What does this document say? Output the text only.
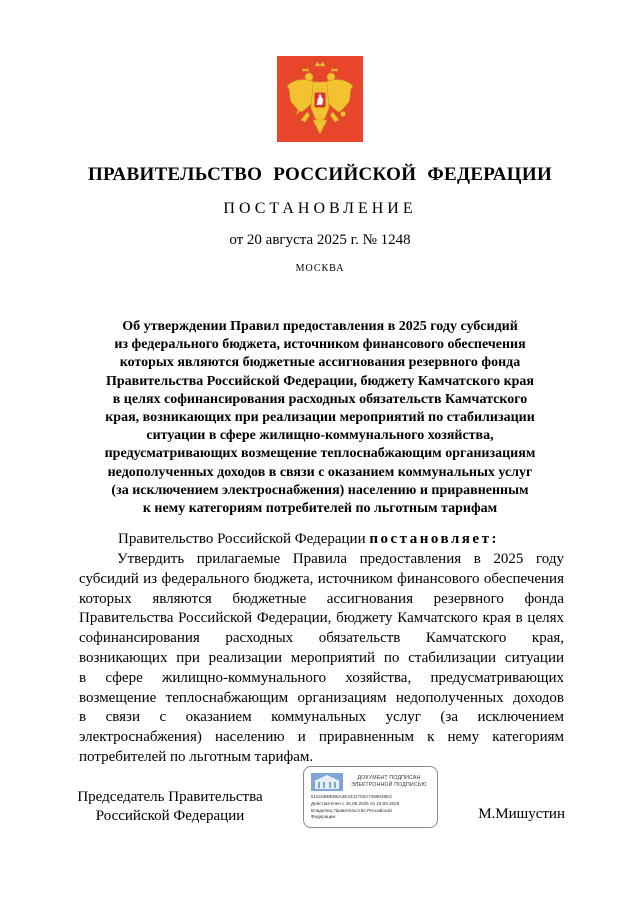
ПРАВИТЕЛЬСТВО РОССИЙСКОЙ ФЕДЕРАЦИИ
ПОСТАНОВЛЕНИЕ
от 20 августа 2025 г. № 1248
МОСКВА
Об утверждении Правил предоставления в 2025 году субсидий
из федерального бюджета, источником финансового обеспечения
которых являются бюджетные ассигнования резервного фонда
Правительства Российской Федерации, бюджету Камчатского края
в целях софинансирования расходных обязательств Камчатского
края, возникающих при реализации мероприятий по стабилизации
ситуации в сфере жилищно-коммунального хозяйства,
предусматривающих возмещение теплоснабжающим организациям
недополученных доходов в связи с оказанием коммунальных услуг
(за исключением электроснабжения) населению и приравненным
к нему категориям потребителей по льготным тарифам
Правительство Российской Федерации постановляет:
Утвердить прилагаемые Правила предоставления в 2025 году
субсидий из федерального бюджета, источником финансового обеспечения
которых являются бюджетные ассигнования резервного фонда
Правительства Российской Федерации, бюджету Камчатского края в целях
софинансирования расходных обязательств Камчатского края,
возникающих при реализации мероприятий по стабилизации ситуации
в сфере жилищно-коммунального хозяйства, предусматривающих
возмещение теплоснабжающим организациям недополученных доходов
в связи с оказанием коммунальных услуг (за исключением
электроснабжения) населению и приравненным к нему категориям
потребителей по льготным тарифам.
Председатель Правительства
Российской Федерации
ДОКУМЕНТ ПОДПИСАН
ЭЛЕКТРОННОЙ ПОДПИСЬЮ
51615BBEB5A3E3431702A7469048E3
Действителен с 26.06.2025 по 19.09.2026
Владелец Правительство Российской
Федерации	М.Мишустин
